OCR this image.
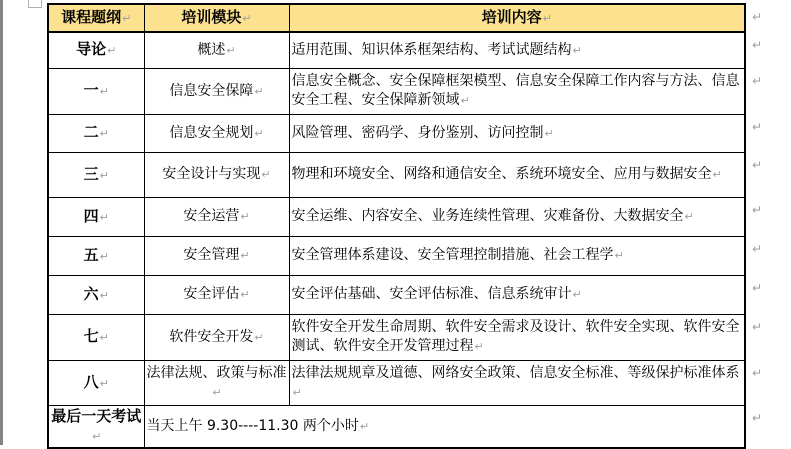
课程题纲↵	培训模块↵	培训内容↵ ↵

导论↵	概述↵	适用范围、知识体系框架结构、考试试题结构↵ ↵

一↵	信息安全保障↵	信息安全概念、安全保障框架模型、信息安全保障工作内容与方法、信息安全工程、安全保障新领域↵
↵

二↵	信息安全规划↵	风险管理、密码学、身份鉴别、访问控制↵ ↵

三↵	安全设计与实现↵	物理和环境安全、网络和通信安全、系统环境安全、应用与数据安全↵
↵

四↵	安全运营↵	安全运维、内容安全、业务连续性管理、灾难备份、大数据安全↵ ↵

五↵	安全管理↵	安全管理体系建设、安全管理控制措施、社会工程学↵ ↵

六↵	安全评估↵	安全评估基础、安全评估标准、信息系统审计↵ ↵

七↵	软件安全开发↵	软件安全开发生命周期、软件安全需求及设计、软件安全实现、软件安全测试、软件安全开发管理过程↵
↵

八↵	法律法规、政策与标准↵	法律法规规章及道德、网络安全政策、信息安全标准、等级保护标准体系↵
↵

最后一天考试↵	当天上午 9.30----11.30 两个小时↵
↵	
